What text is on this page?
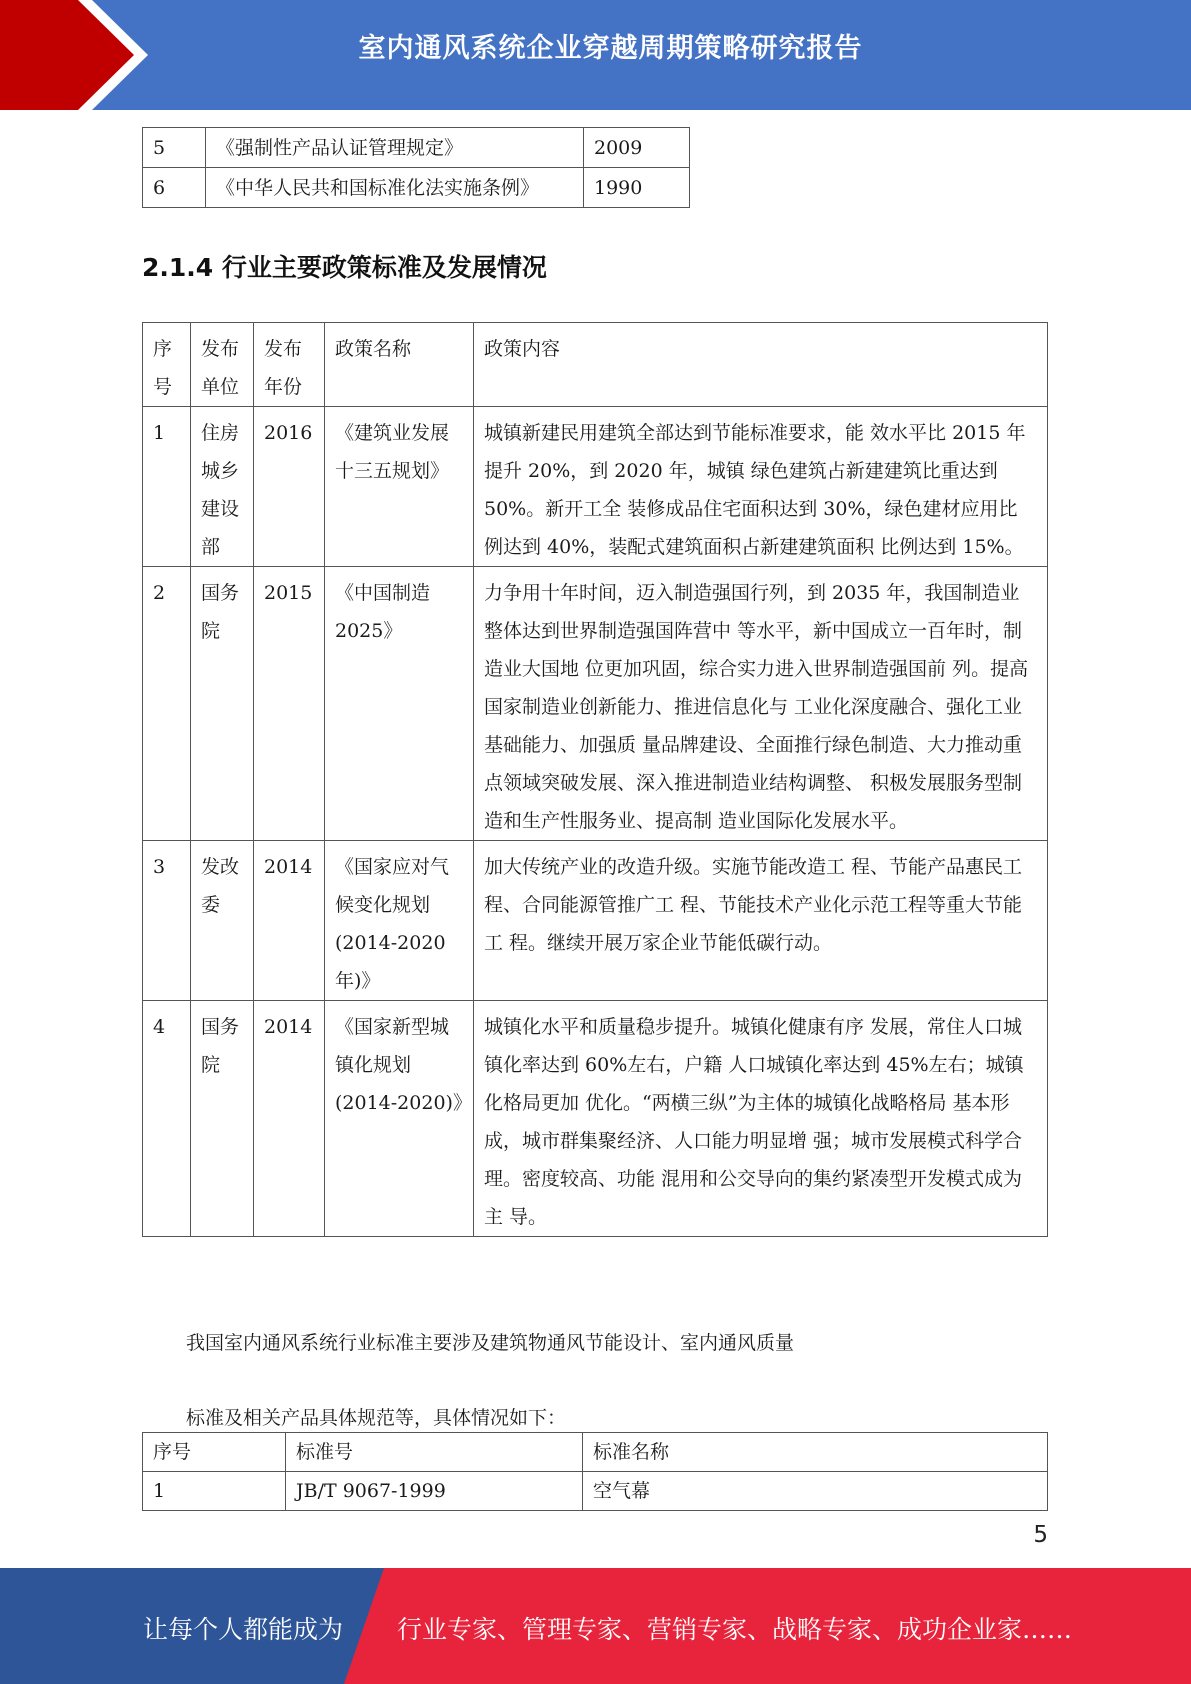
室内通风系统企业穿越周期策略研究报告
5	《强制性产品认证管理规定》	2009
6	《中华人民共和国标准化法实施条例》	1990
2.1.4 行业主要政策标准及发展情况
序号	发布单位	发布年份	政策名称	政策内容
1	住房城乡建设部	2016	《建筑业发展十三五规划》	城镇新建民用建筑全部达到节能标准要求，能 效水平比 2015 年提升 20%，到 2020 年，城镇 绿色建筑占新建建筑比重达到 50%。新开工全 装修成品住宅面积达到 30%，绿色建材应用比 例达到 40%，装配式建筑面积占新建建筑面积 比例达到 15%。
2	国务院	2015	《中国制造2025》	力争用十年时间，迈入制造强国行列，到 2035 年，我国制造业整体达到世界制造强国阵营中 等水平，新中国成立一百年时，制造业大国地 位更加巩固，综合实力进入世界制造强国前 列。提高国家制造业创新能力、推进信息化与 工业化深度融合、强化工业基础能力、加强质 量品牌建设、全面推行绿色制造、大力推动重 点领域突破发展、深入推进制造业结构调整、 积极发展服务型制造和生产性服务业、提高制 造业国际化发展水平。
3	发改委	2014	《国家应对气候变化规划(2014-2020年)》	加大传统产业的改造升级。实施节能改造工 程、节能产品惠民工程、合同能源管推广工 程、节能技术产业化示范工程等重大节能工 程。继续开展万家企业节能低碳行动。
4	国务院	2014	《国家新型城镇化规划(2014-2020)》	城镇化水平和质量稳步提升。城镇化健康有序 发展，常住人口城镇化率达到 60%左右，户籍 人口城镇化率达到 45%左右；城镇化格局更加 优化。“两横三纵”为主体的城镇化战略格局 基本形成，城市群集聚经济、人口能力明显增 强；城市发展模式科学合理。密度较高、功能 混用和公交导向的集约紧凑型开发模式成为主 导。
我国室内通风系统行业标准主要涉及建筑物通风节能设计、室内通风质量
标准及相关产品具体规范等，具体情况如下：
序号	标准号	标准名称
1	JB/T 9067-1999	空气幕
5
让每个人都能成为 行业专家、管理专家、营销专家、战略专家、成功企业家……
